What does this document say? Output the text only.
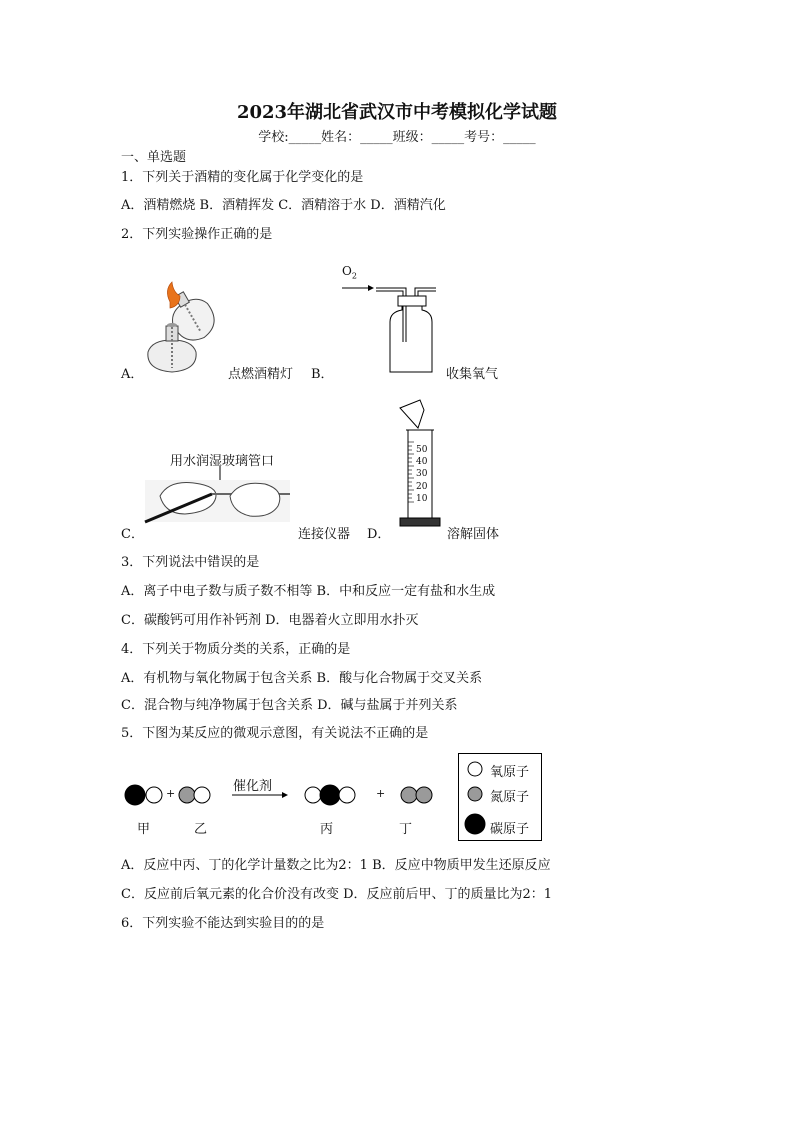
2023年湖北省武汉市中考模拟化学试题
学校:_____姓名：_____班级：_____考号：_____
一、单选题
1．下列关于酒精的变化属于化学变化的是
A．酒精燃烧 B．酒精挥发 C．酒精溶于水 D．酒精汽化
2．下列实验操作正确的是
A．	点燃酒精灯
$O_2$
B．	收集氧气
用水润湿玻璃管口
C．	连接仪器
50
40
30
20
10
D．	溶解固体
3．下列说法中错误的是
A．离子中电子数与质子数不相等 B．中和反应一定有盐和水生成
C．碳酸钙可用作补钙剂 D．电器着火立即用水扑灭
4．下列关于物质分类的关系，正确的是
A．有机物与氧化物属于包含关系 B．酸与化合物属于交叉关系
C．混合物与纯净物属于包含关系 D．碱与盐属于并列关系
5．下图为某反应的微观示意图，有关说法不正确的是
+	+
催化剂
甲	乙	丙	丁
氧原子
氮原子
碳原子
A．反应中丙、丁的化学计量数之比为2：1 B．反应中物质甲发生还原反应
C．反应前后氧元素的化合价没有改变 D．反应前后甲、丁的质量比为2：1
6．下列实验不能达到实验目的的是
